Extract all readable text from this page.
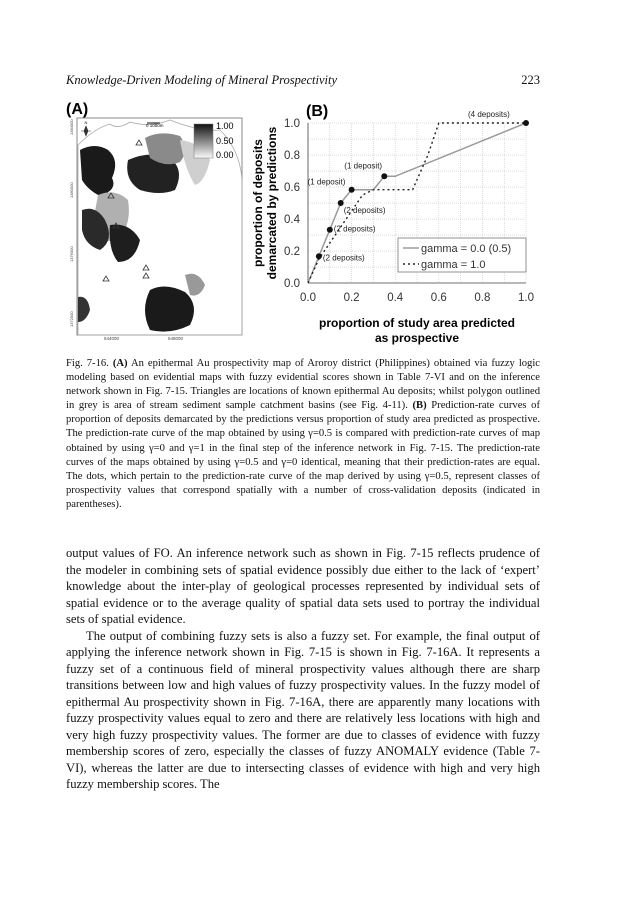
Knowledge-Driven Modeling of Mineral Prospectivity	223
(A)
N
0 1000m	1.00
0.50
0.00
1384000
1380000
1376000
1372000
544000	548000
(B)
0.0 0.2 0.4 0.6 0.8 1.0
0.0
0.2
0.4
0.6
0.8
1.0
(2 deposits)
(2 deposits)
(2 deposits)
(1 deposit)
(1 deposit)
(4 deposits)
gamma = 0.0 (0.5)
gamma = 1.0
proportion of deposits demarcated by predictions
proportion of study area predicted
as prospective
Fig. 7-16. (A) An epithermal Au prospectivity map of Aroroy district (Philippines) obtained via fuzzy logic modeling based on evidential maps with fuzzy evidential scores shown in Table 7-VI and on the inference network shown in Fig. 7-15. Triangles are locations of known epithermal Au deposits; whilst polygon outlined in grey is area of stream sediment sample catchment basins (see Fig. 4-11). (B) Prediction-rate curves of proportion of deposits demarcated by the predictions versus proportion of study area predicted as prospective. The prediction-rate curve of the map obtained by using γ=0.5 is compared with prediction-rate curves of map obtained by using γ=0 and γ=1 in the final step of the inference network in Fig. 7-15. The prediction-rate curves of the maps obtained by using γ=0.5 and γ=0 identical, meaning that their prediction-rates are equal. The dots, which pertain to the prediction-rate curve of the map derived by using γ=0.5, represent classes of prospectivity values that correspond spatially with a number of cross-validation deposits (indicated in parentheses).

output values of FO. An inference network such as shown in Fig. 7-15 reflects prudence of the modeler in combining sets of spatial evidence possibly due either to the lack of ‘expert’ knowledge about the inter-play of geological processes represented by individual sets of spatial evidence or to the average quality of spatial data sets used to portray the individual sets of spatial evidence.

The output of combining fuzzy sets is also a fuzzy set. For example, the final output of applying the inference network shown in Fig. 7-15 is shown in Fig. 7-16A. It represents a fuzzy set of a continuous field of mineral prospectivity values although there are sharp transitions between low and high values of fuzzy prospectivity values. In the fuzzy model of epithermal Au prospectivity shown in Fig. 7-16A, there are apparently many locations with fuzzy prospectivity values equal to zero and there are relatively less locations with high and very high fuzzy prospectivity values. The former are due to classes of evidence with fuzzy membership scores of zero, especially the classes of fuzzy ANOMALY evidence (Table 7-VI), whereas the latter are due to intersecting classes of evidence with high and very high fuzzy membership scores. The
